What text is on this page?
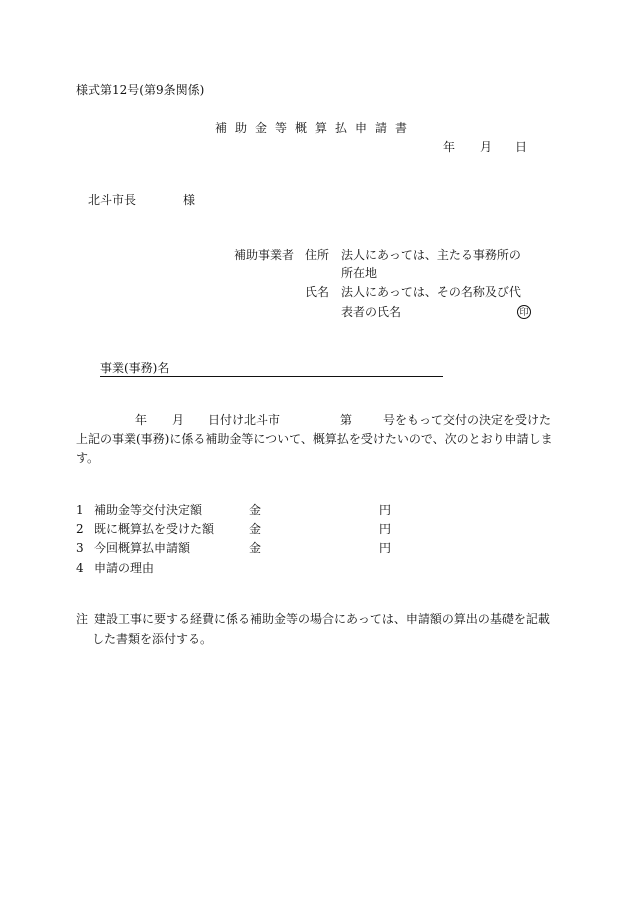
様式第12号(第9条関係)
補助金等概算払申請書
年 月 日
北斗市長	様
補助事業者 住所 法人にあっては、主たる事務所の
所在地
氏名 法人にあっては、その名称及び代
表者の氏名	印
事業(事務)名
年 月 日付け北斗市	第	号をもって交付の決定を受けた
上記の事業(事務)に係る補助金等について、概算払を受けたいので、次のとおり申請しま
す。
1 補助金等交付決定額	金	円
2 既に概算払を受けた額	金	円
3 今回概算払申請額	金	円
4 申請の理由
注 建設工事に要する経費に係る補助金等の場合にあっては、申請額の算出の基礎を記載
した書類を添付する。
